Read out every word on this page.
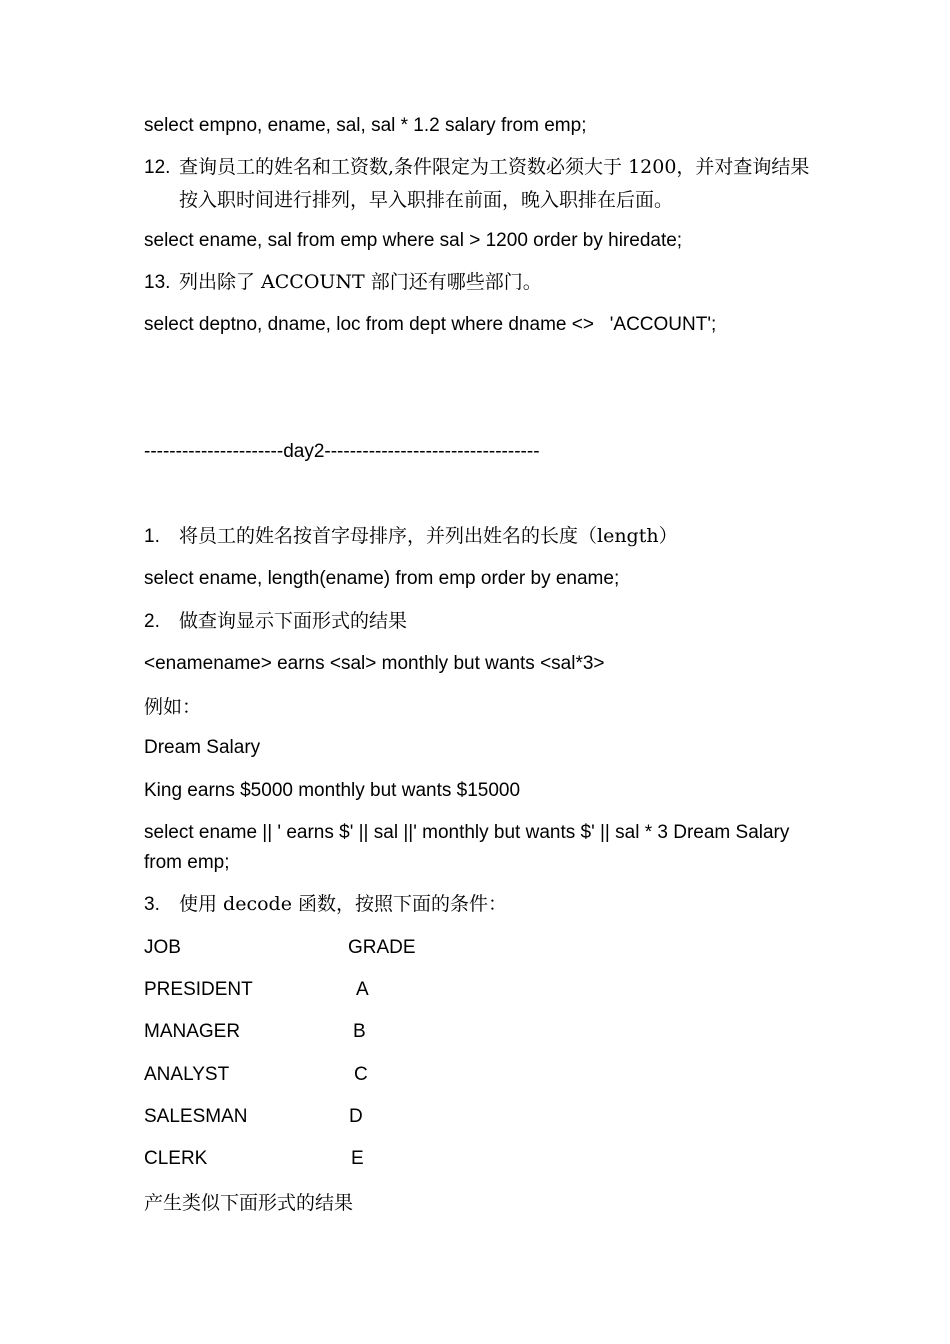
select empno, ename, sal, sal * 1.2 salary from emp;

12. 查询员工的姓名和工资数,条件限定为工资数必须大于 1200，并对查询结果按入职时间进行排列，早入职排在前面，晚入职排在后面。

select ename, sal from emp where sal > 1200 order by hiredate;

13. 列出除了 ACCOUNT 部门还有哪些部门。

select deptno, dname, loc from dept where dname <>   'ACCOUNT';

----------------------day2----------------------------------

1.	将员工的姓名按首字母排序，并列出姓名的长度（length）

select ename, length(ename) from emp order by ename;

2.	做查询显示下面形式的结果

<enamename> earns <sal> monthly but wants <sal*3>

例如：

Dream Salary

King earns $5000 monthly but wants $15000

select ename || ' earns $' || sal ||' monthly but wants $' || sal * 3 Dream Salary from emp;

3.	使用 decode 函数，按照下面的条件：
JOB	GRADE
PRESIDENT	A
MANAGER	B
ANALYST	C
SALESMAN	D
CLERK	E

产生类似下面形式的结果
